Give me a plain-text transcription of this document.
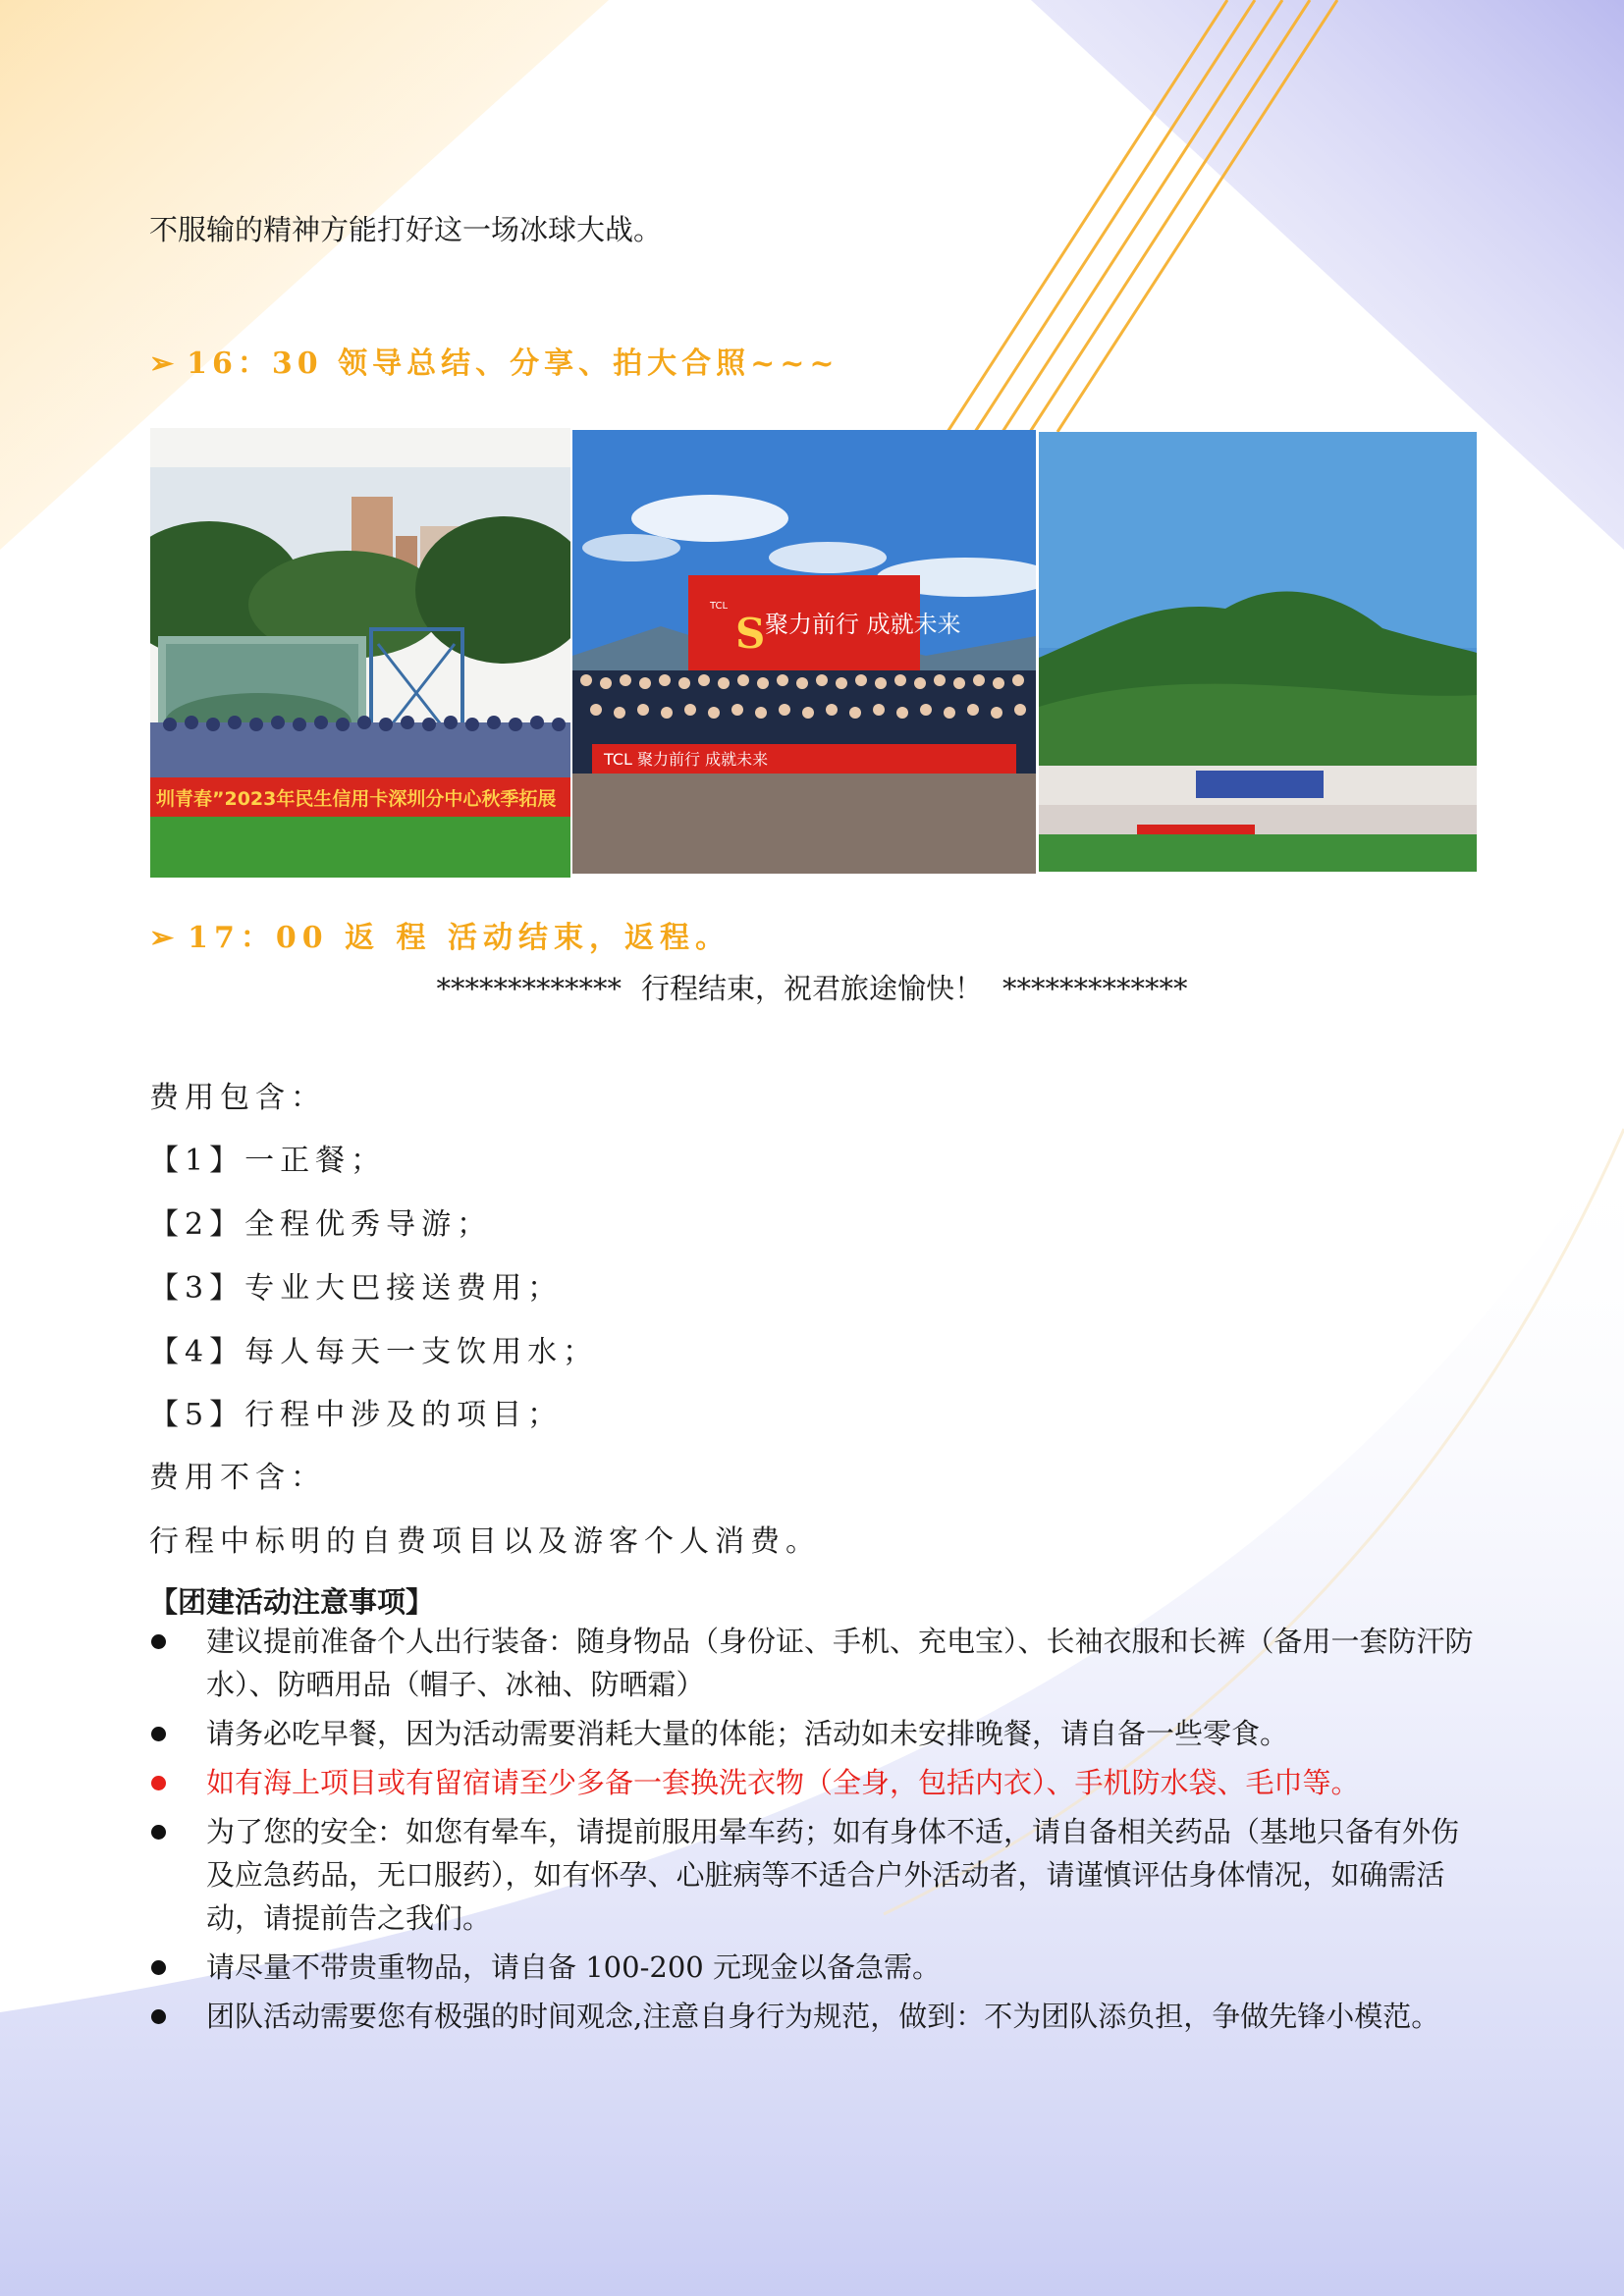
不服输的精神方能打好这一场冰球大战。
➢ 16：30 领导总结、分享、拍大合照~~~
圳青春”2023年民生信用卡深圳分中心秋季拓展
TCL
S 聚力前行 成就未来
TCL 聚力前行 成就未来
➢ 17：00 返 程 活动结束，返程。
************* 行程结束，祝君旅途愉快！ *************
费用包含：
【1】一正餐；
【2】全程优秀导游；
【3】专业大巴接送费用；
【4】每人每天一支饮用水；
【5】行程中涉及的项目；
费用不含：
行程中标明的自费项目以及游客个人消费。
【团建活动注意事项】
建议提前准备个人出行装备：随身物品（身份证、手机、充电宝）、长袖衣服和长裤（备用一套防汗防水）、防晒用品（帽子、冰袖、防晒霜）
请务必吃早餐，因为活动需要消耗大量的体能；活动如未安排晚餐，请自备一些零食。
如有海上项目或有留宿请至少多备一套换洗衣物（全身，包括内衣）、手机防水袋、毛巾等。
为了您的安全：如您有晕车，请提前服用晕车药；如有身体不适，请自备相关药品（基地只备有外伤及应急药品，无口服药），如有怀孕、心脏病等不适合户外活动者，请谨慎评估身体情况，如确需活动，请提前告之我们。
请尽量不带贵重物品，请自备 100-200 元现金以备急需。
团队活动需要您有极强的时间观念,注意自身行为规范，做到：不为团队添负担，争做先锋小模范。
